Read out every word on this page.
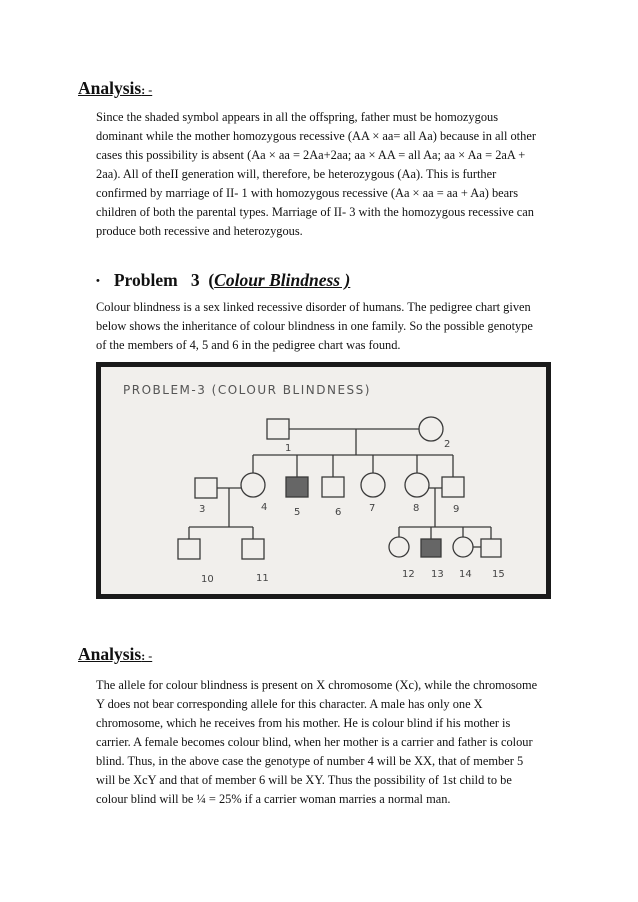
Analysis: -
Since the shaded symbol appears in all the offspring, father must be homozygous
dominant while the mother homozygous recessive (AA × aa= all Aa) because in all other
cases this possibility is absent (Aa × aa = 2Aa+2aa; aa × AA = all Aa; aa × Aa = 2aA +
2aa). All of theII generation will, therefore, be heterozygous (Aa). This is further
confirmed by marriage of II- 1 with homozygous recessive (Aa × aa = aa + Aa) bears
children of both the parental types. Marriage of II- 3 with the homozygous recessive can
produce both recessive and heterozygous.
• Problem   3  (Colour Blindness )
Colour blindness is a sex linked recessive disorder of humans. The pedigree chart given
below shows the inheritance of colour blindness in one family. So the possible genotype
of the members of 4, 5 and 6 in the pedigree chart was found.
PROBLEM-3 (COLOUR BLINDNESS)
1	2
3	4	5	6	7	8	9
10	11	12 13 14 15
Analysis: -
The allele for colour blindness is present on X chromosome (Xc), while the chromosome
Y does not bear corresponding allele for this character. A male has only one X
chromosome, which he receives from his mother. He is colour blind if his mother is
carrier. A female becomes colour blind, when her mother is a carrier and father is colour
blind. Thus, in the above case the genotype of number 4 will be XX, that of member 5
will be XcY and that of member 6 will be XY. Thus the possibility of 1st child to be
colour blind will be ¼ = 25% if a carrier woman marries a normal man.
